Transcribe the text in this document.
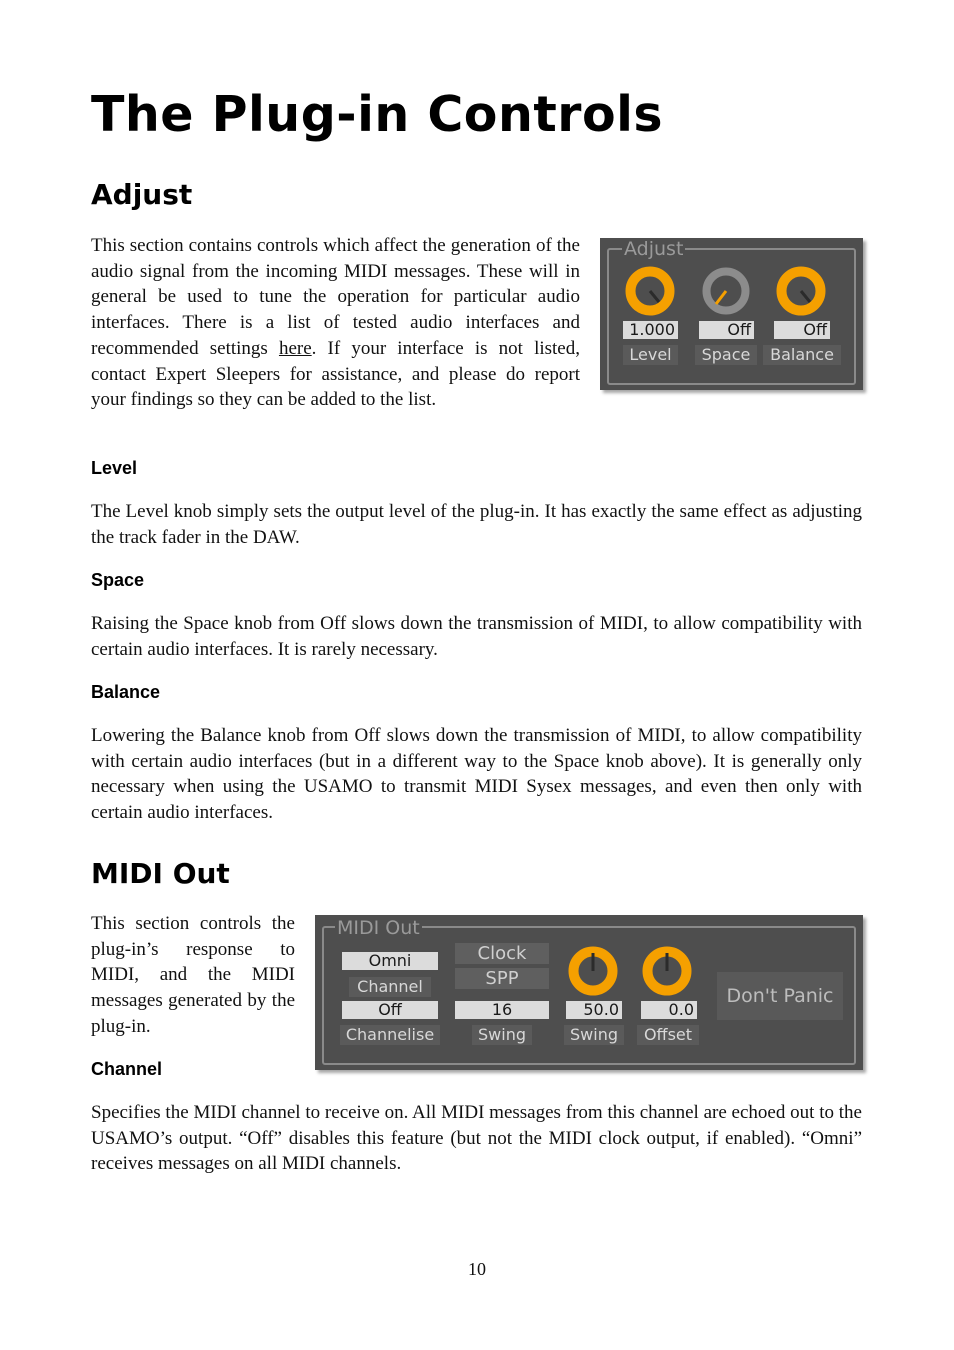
The Plug-in Controls
Adjust

This section contains controls which affect the generation of the audio signal from the incoming MIDI messages. These will in general be used to tune the operation for particular audio interfaces. There is a list of tested audio interfaces and recommended settings here. If your interface is not listed, contact Expert Sleepers for assistance, and please do report your findings so they can be added to the list.

Adjust
1.000
Level
Off
Space
Off
Balance
Level

The Level knob simply sets the output level of the plug-in. It has exactly the same effect as adjusting the track fader in the DAW.

Space

Raising the Space knob from Off slows down the transmission of MIDI, to allow compatibility with certain audio interfaces. It is rarely necessary.

Balance

Lowering the Balance knob from Off slows down the transmission of MIDI, to allow compatibility with certain audio interfaces (but in a different way to the Space knob above). It is generally only necessary when using the USAMO to transmit MIDI Sysex messages, and even then only with certain audio interfaces.

MIDI Out

This section controls the plug-in’s response to MIDI, and the MIDI messages generated by the plug-in.

MIDI Out
Omni
Channel
Off
Channelise
Clock
SPP
16
Swing
50.0
Swing
0.0
Offset
Don't Panic
Channel

Specifies the MIDI channel to receive on. All MIDI messages from this channel are echoed out to the USAMO’s output. “Off” disables this feature (but not the MIDI clock output, if enabled). “Omni” receives messages on all MIDI channels.

10
